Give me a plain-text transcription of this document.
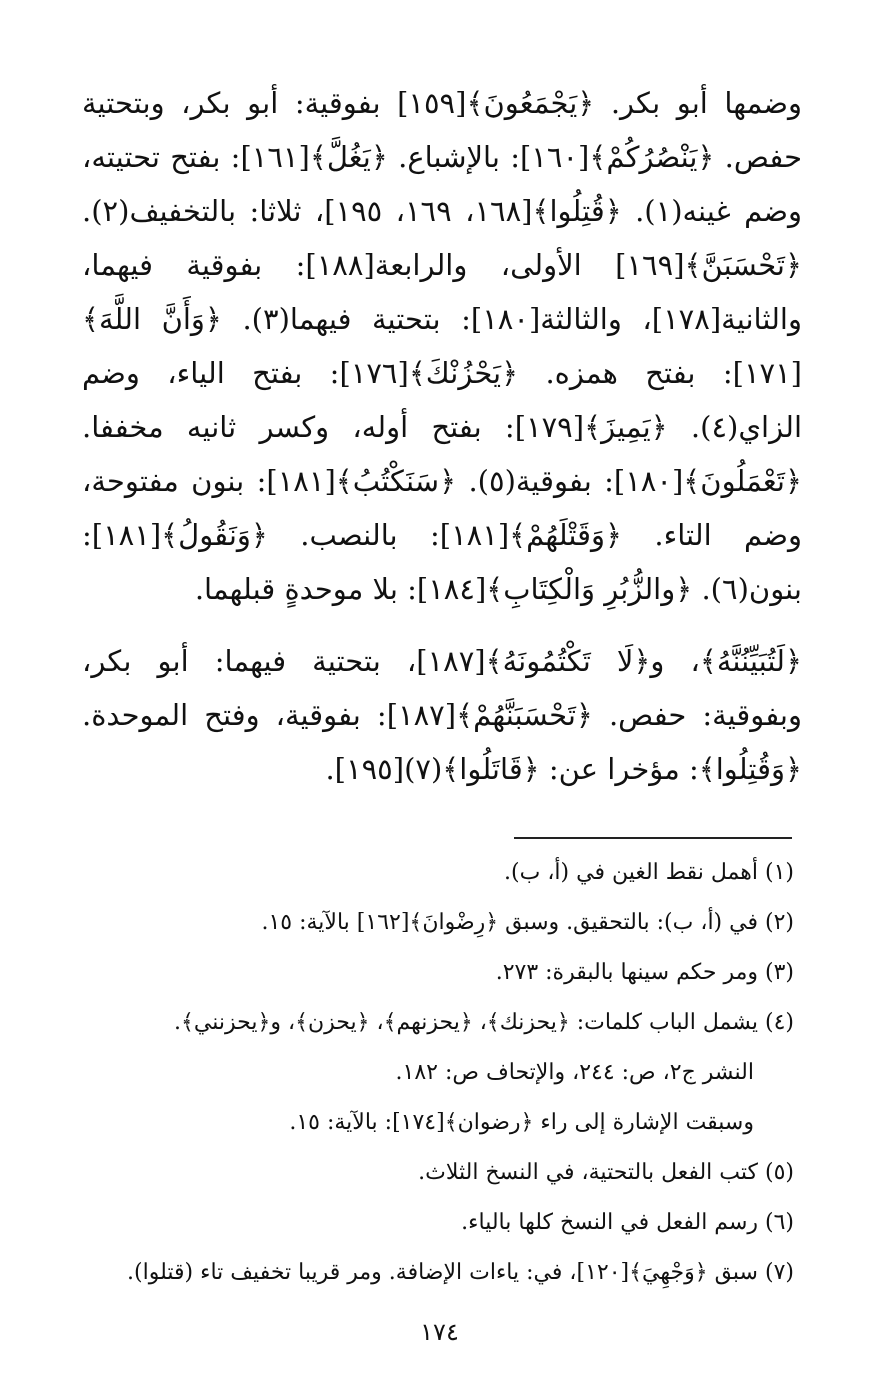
وضمها أبو بكر. ﴿يَجْمَعُونَ﴾[١٥٩] بفوقية: أبو بكر، وبتحتية حفص. ﴿يَنْصُرُكُمْ﴾[١٦٠]: بالإشباع. ﴿يَغُلَّ﴾[١٦١]: بفتح تحتيته، وضم غينه(١). ﴿قُتِلُوا﴾[١٦٨، ١٦٩، ١٩٥]، ثلاثا: بالتخفيف(٢). ﴿تَحْسَبَنَّ﴾[١٦٩] الأولى، والرابعة[١٨٨]: بفوقية فيهما، والثانية[١٧٨]، والثالثة[١٨٠]: بتحتية فيهما(٣). ﴿وَأَنَّ اللَّهَ﴾[١٧١]: بفتح همزه. ﴿يَحْزُنْكَ﴾[١٧٦]: بفتح الياء، وضم الزاي(٤). ﴿يَمِيزَ﴾[١٧٩]: بفتح أوله، وكسر ثانيه مخففا. ﴿تَعْمَلُونَ﴾[١٨٠]: بفوقية(٥). ﴿سَنَكْتُبُ﴾[١٨١]: بنون مفتوحة، وضم التاء. ﴿وَقَتْلَهُمْ﴾[١٨١]: بالنصب. ﴿وَنَقُولُ﴾[١٨١]: بنون(٦). ﴿والزُّبُرِ وَالْكِتَابِ﴾[١٨٤]: بلا موحدةٍ قبلهما.

﴿لَتُبَيِّنُنَّهُ﴾، و﴿لَا تَكْتُمُونَهُ﴾[١٨٧]، بتحتية فيهما: أبو بكر، وبفوقية: حفص. ﴿تَحْسَبَنَّهُمْ﴾[١٨٧]: بفوقية، وفتح الموحدة. ﴿وَقُتِلُوا﴾: مؤخرا عن: ﴿قَاتَلُوا﴾(٧)[١٩٥].

(١) أهمل نقط الغين في (أ، ب).

(٢) في (أ، ب): بالتحقيق. وسبق ﴿رِضْوانَ﴾[١٦٢] بالآية: ١٥.

(٣) ومر حكم سينها بالبقرة: ٢٧٣.

(٤) يشمل الباب كلمات: ﴿يحزنك﴾، ﴿يحزنهم﴾، ﴿يحزن﴾، و﴿يحزنني﴾.

النشر ج٢، ص: ٢٤٤، والإتحاف ص: ١٨٢.

وسبقت الإشارة إلى راء ﴿رضوان﴾[١٧٤]: بالآية: ١٥.

(٥) كتب الفعل بالتحتية، في النسخ الثلاث.

(٦) رسم الفعل في النسخ كلها بالياء.

(٧) سبق ﴿وَجْهِيَ﴾[١٢٠]، في: ياءات الإضافة. ومر قريبا تخفيف تاء (قتلوا).

١٧٤
